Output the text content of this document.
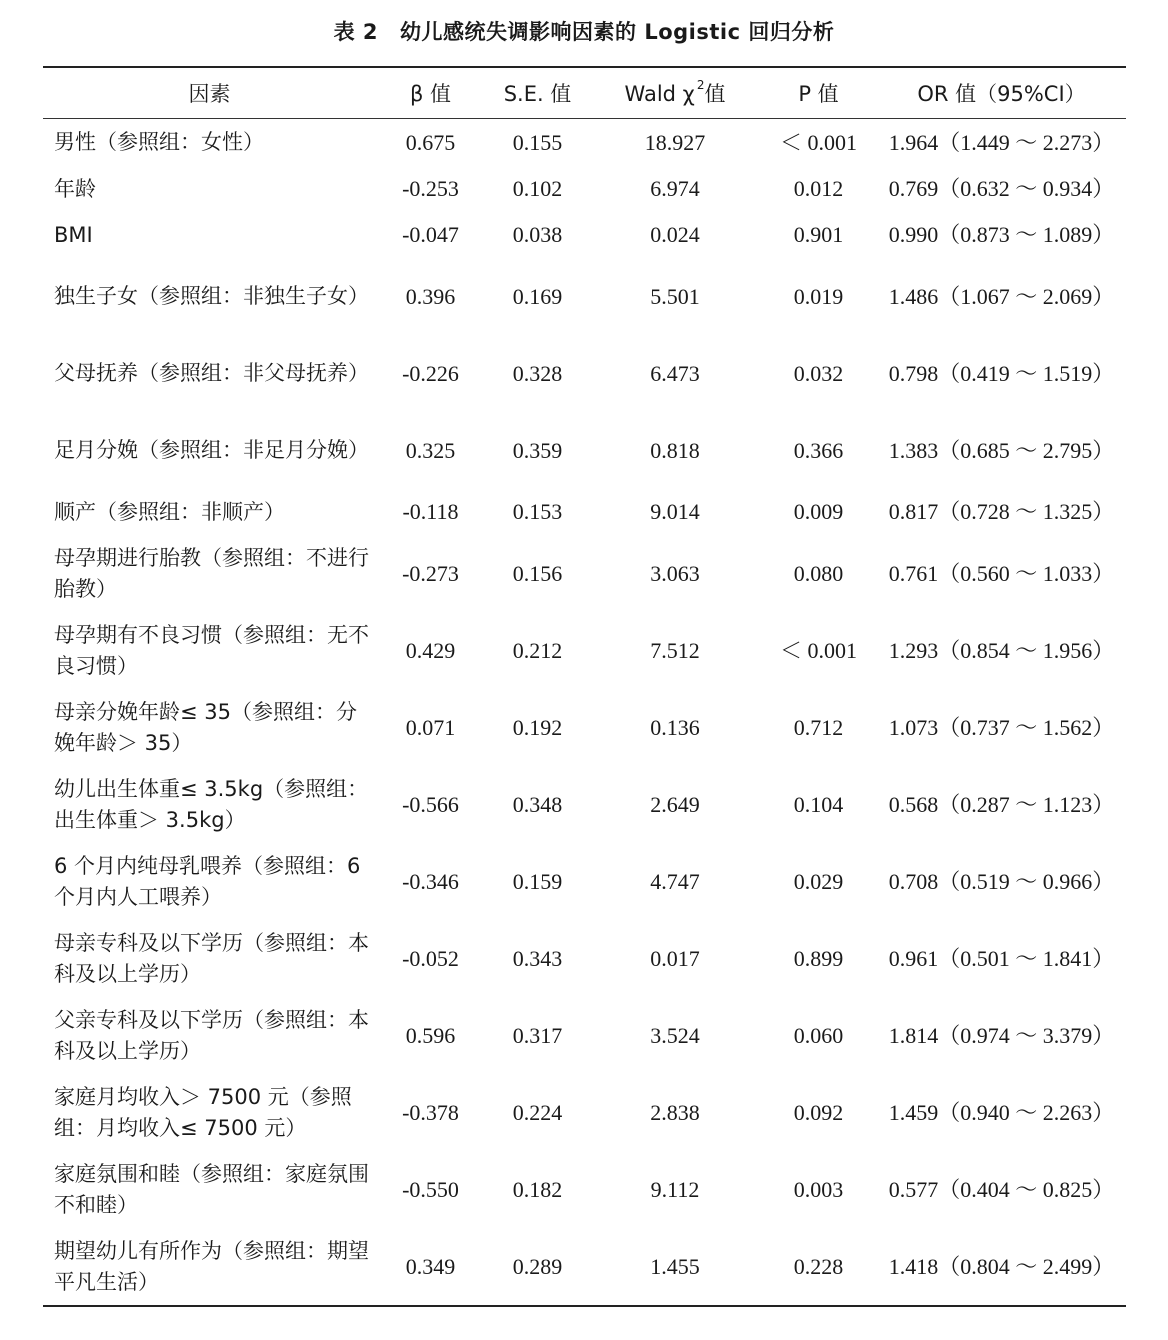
表 2 幼儿感统失调影响因素的 Logistic 回归分析
因素	β 值	S.E. 值	Wald χ $^2$值	P 值	OR 值（95%CI）
男性（参照组：女性）	0.675	0.155	18.927	＜ 0.001	1.964（1.449 ～ 2.273）
年龄	-0.253	0.102	6.974	0.012	0.769（0.632 ～ 0.934）
BMI	-0.047	0.038	0.024	0.901	0.990（0.873 ～ 1.089）
独生子女（参照组：非独生子女）	0.396	0.169	5.501	0.019	1.486（1.067 ～ 2.069）
父母抚养（参照组：非父母抚养）	-0.226	0.328	6.473	0.032	0.798（0.419 ～ 1.519）
足月分娩（参照组：非足月分娩）	0.325	0.359	0.818	0.366	1.383（0.685 ～ 2.795）
顺产（参照组：非顺产）	-0.118	0.153	9.014	0.009	0.817（0.728 ～ 1.325）
母孕期进行胎教（参照组：不进行胎教）	-0.273	0.156	3.063	0.080	0.761（0.560 ～ 1.033）
母孕期有不良习惯（参照组：无不良习惯）	0.429	0.212	7.512	＜ 0.001	1.293（0.854 ～ 1.956）
母亲分娩年龄≤ 35（参照组：分娩年龄＞ 35）	0.071	0.192	0.136	0.712	1.073（0.737 ～ 1.562）
幼儿出生体重≤ 3.5kg（参照组：出生体重＞ 3.5kg）	-0.566	0.348	2.649	0.104	0.568（0.287 ～ 1.123）
6 个月内纯母乳喂养（参照组：6 个月内人工喂养）	-0.346	0.159	4.747	0.029	0.708（0.519 ～ 0.966）
母亲专科及以下学历（参照组：本科及以上学历）	-0.052	0.343	0.017	0.899	0.961（0.501 ～ 1.841）
父亲专科及以下学历（参照组：本科及以上学历）	0.596	0.317	3.524	0.060	1.814（0.974 ～ 3.379）
家庭月均收入＞ 7500 元（参照组：月均收入≤ 7500 元）	-0.378	0.224	2.838	0.092	1.459（0.940 ～ 2.263）
家庭氛围和睦（参照组：家庭氛围不和睦）	-0.550	0.182	9.112	0.003	0.577（0.404 ～ 0.825）
期望幼儿有所作为（参照组：期望平凡生活）	0.349	0.289	1.455	0.228	1.418（0.804 ～ 2.499）
